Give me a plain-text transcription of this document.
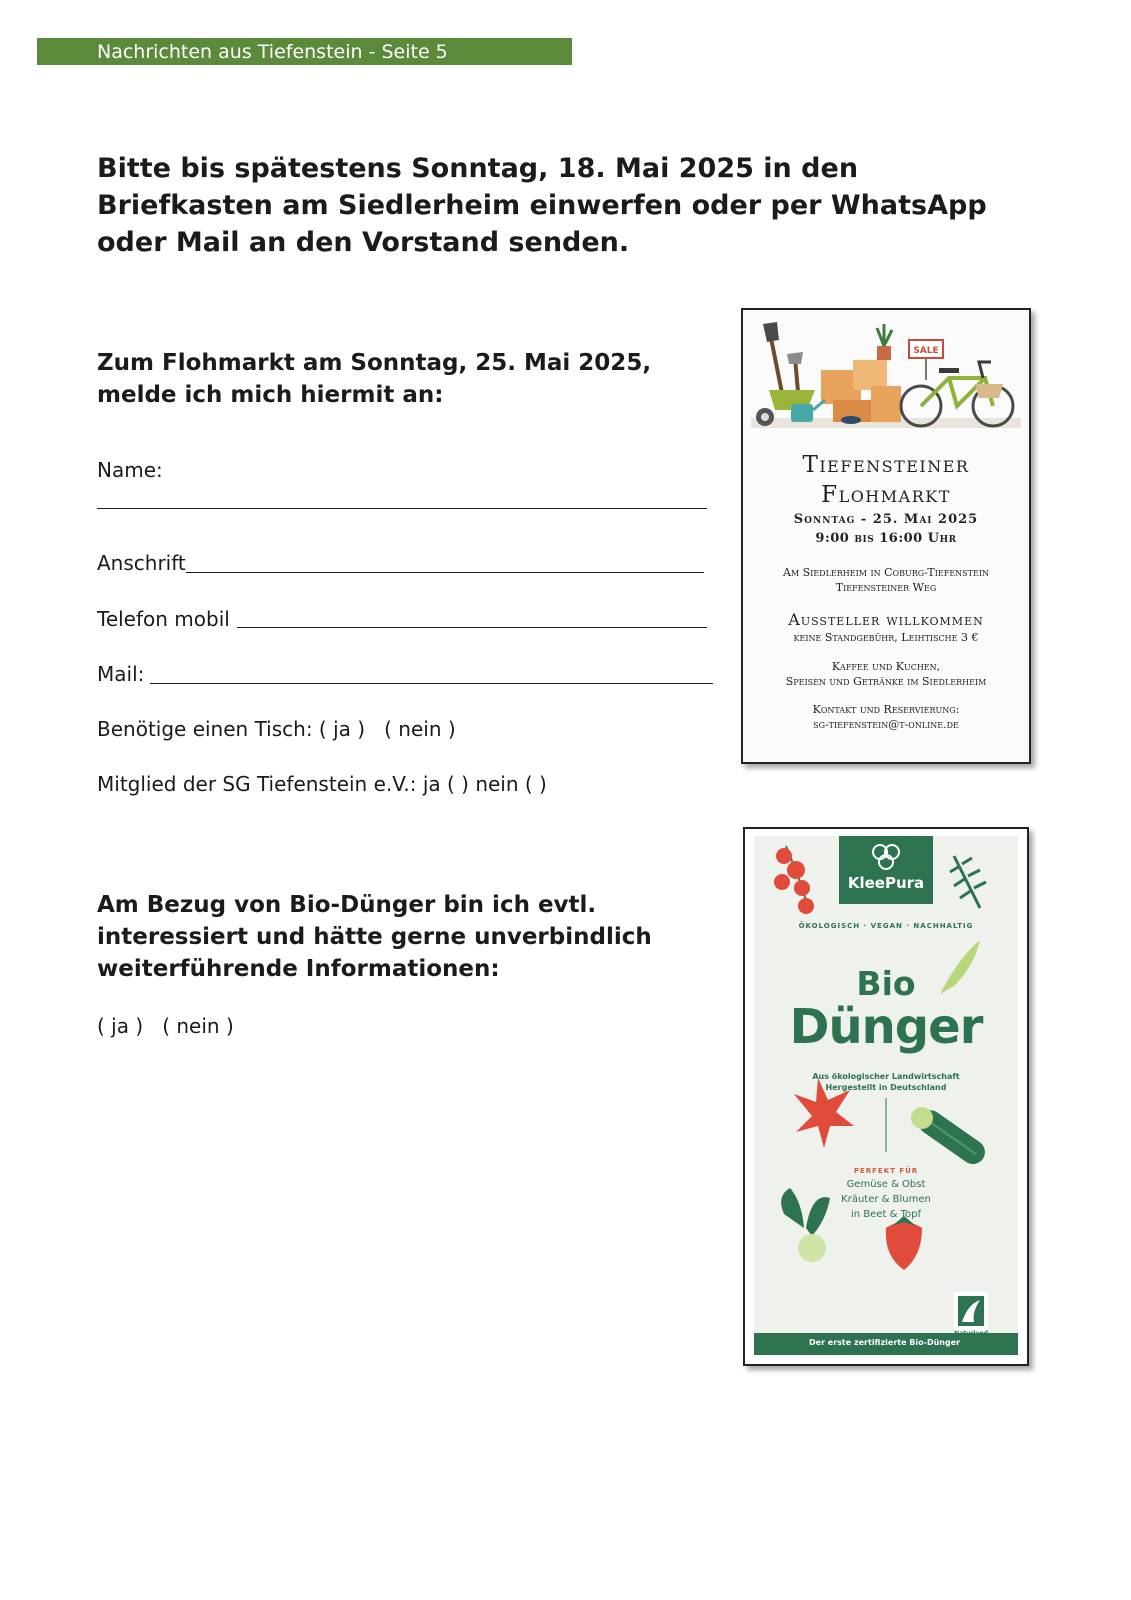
Nachrichten aus Tiefenstein - Seite 5

Bitte bis spätestens Sonntag, 18. Mai 2025 in den Briefkasten am Siedlerheim einwerfen oder per WhatsApp oder Mail an den Vorstand senden.

Zum Flohmarkt am Sonntag, 25. Mai 2025, melde ich mich hiermit an:

Name:
Anschrift
Telefon mobil
Mail:
Benötige einen Tisch: ( ja ) ( nein )
Mitglied der SG Tiefenstein e.V.: ja ( ) nein ( )

Am Bezug von Bio-Dünger bin ich evtl. interessiert und hätte gerne unverbindlich weiterführende Informationen:

( ja ) ( nein )
SALE
Tiefensteiner
Flohmarkt
Sonntag - 25. Mai 2025
9:00 bis 16:00 Uhr
Am Siedlerheim in Coburg-Tiefenstein
Tiefensteiner Weg
Aussteller willkommen
keine Standgebühr, Leihtische 3 €
Kaffee und Kuchen,
Speisen und Getränke im Siedlerheim
Kontakt und Reservierung:
sg-tiefenstein@t-online.de
KleePura
ÖKOLOGISCH · VEGAN · NACHHALTIG
Bio
Dünger
Aus ökologischer Landwirtschaft
Hergestellt in Deutschland
PERFEKT FÜR
Gemüse & Obst
Kräuter & Blumen
in Beet & Topf
Der erste zertifizierte Bio-Dünger
